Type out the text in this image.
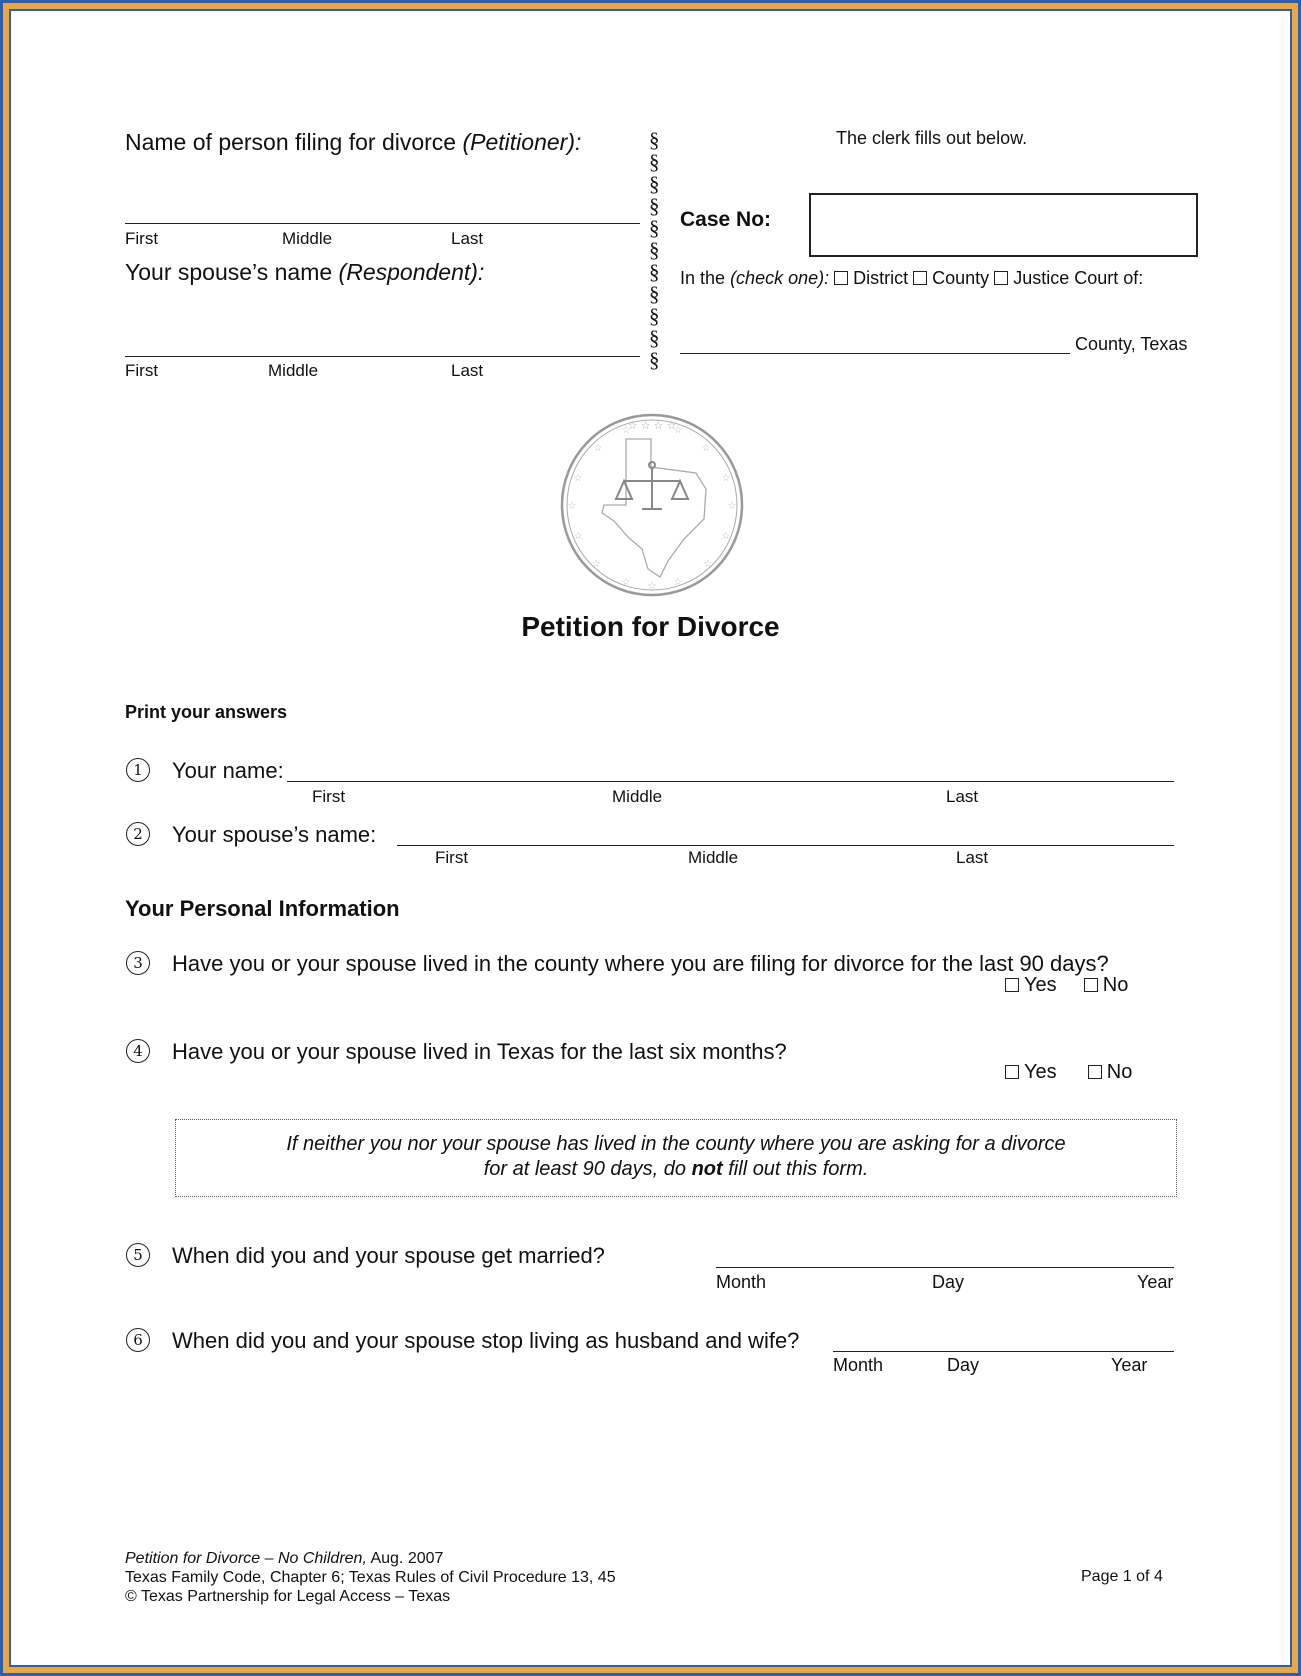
Name of person filing for divorce (Petitioner):
First	Middle	Last
Your spouse’s name (Respondent):
First	Middle	Last
§
§
§
§
§
§
§
§
§
§
§
The clerk fills out below.
Case No:
In the (check one): District County Justice Court of:
County, Texas
☆ ☆ ☆ ☆
☆	☆
☆	☆
☆	☆
☆	☆
☆	☆
☆ ☆ ☆
☆	☆
Petition for Divorce
Print your answers
1	Your name:
First	Middle	Last
2	Your spouse’s name:
First	Middle	Last
Your Personal Information
3	Have you or your spouse lived in the county where you are filing for divorce for the last 90 days?
Yes No
4	Have you or your spouse lived in Texas for the last six months?
Yes	No
If neither you nor your spouse has lived in the county where you are asking for a divorce
for at least 90 days, do not fill out this form.
5	When did you and your spouse get married?
Month	Day	Year
6	When did you and your spouse stop living as husband and wife?
Month	Day	Year
Petition for Divorce – No Children, Aug. 2007
Texas Family Code, Chapter 6; Texas Rules of Civil Procedure 13, 45
© Texas Partnership for Legal Access – Texas
Page 1 of 4
